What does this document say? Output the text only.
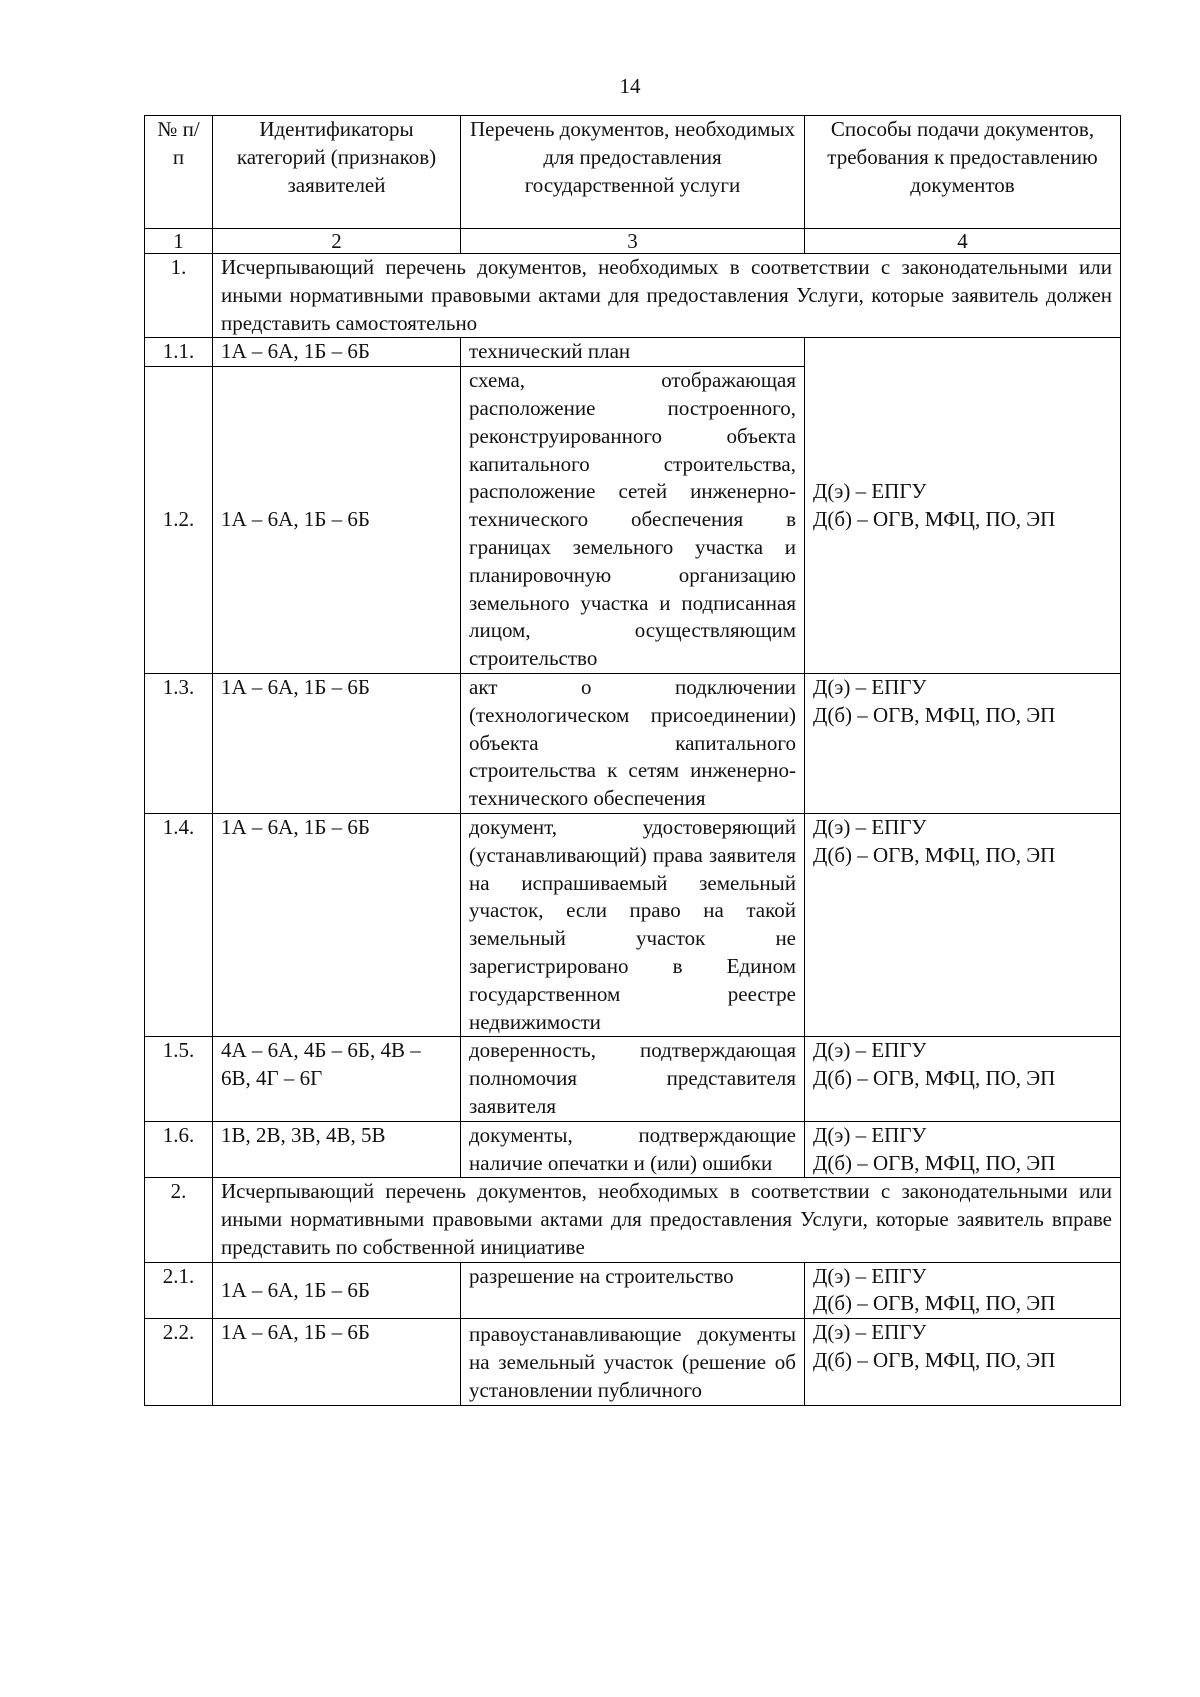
14
№ п/п	Идентификаторы категорий (признаков) заявителей	Перечень документов, необходимых для предоставления государственной услуги	Способы подачи документов, требования к предоставлению документов
1	2	3	4
1.	Исчерпывающий перечень документов, необходимых в соответствии с законодательными или иными нормативными правовыми актами для предоставления Услуги, которые заявитель должен представить самостоятельно		
1.1.	1А – 6А, 1Б – 6Б	технический план	Д(э) – ЕПГУ
Д(б) – ОГВ, МФЦ, ПО, ЭП

1.2.	1А – 6А, 1Б – 6Б	схема, отображающая расположение построенного, реконструированного объекта капитального строительства, расположение сетей инженерно-технического обеспечения в границах земельного участка и планировочную организацию земельного участка и подписанная лицом, осуществляющим строительство	
1.3.	1А – 6А, 1Б – 6Б	акт о подключении (технологическом присоединении) объекта капитального строительства к сетям инженерно-технического обеспечения	Д(э) – ЕПГУ
Д(б) – ОГВ, МФЦ, ПО, ЭП

1.4.	1А – 6А, 1Б – 6Б	документ, удостоверяющий (устанавливающий) права заявителя на испрашиваемый земельный участок, если право на такой земельный участок не зарегистрировано в Едином государственном реестре недвижимости	Д(э) – ЕПГУ
Д(б) – ОГВ, МФЦ, ПО, ЭП

1.5.	4А – 6А, 4Б – 6Б, 4В – 6В, 4Г – 6Г	доверенность, подтверждающая полномочия представителя заявителя	Д(э) – ЕПГУ
Д(б) – ОГВ, МФЦ, ПО, ЭП

1.6.	1В, 2В, 3В, 4В, 5В	документы, подтверждающие наличие опечатки и (или) ошибки	Д(э) – ЕПГУ
Д(б) – ОГВ, МФЦ, ПО, ЭП

2.	Исчерпывающий перечень документов, необходимых в соответствии с законодательными или иными нормативными правовыми актами для предоставления Услуги, которые заявитель вправе представить по собственной инициативе		
2.1.	1А – 6А, 1Б – 6Б	разрешение на строительство	Д(э) – ЕПГУ
Д(б) – ОГВ, МФЦ, ПО, ЭП

2.2.	1А – 6А, 1Б – 6Б	правоустанавливающие документы на земельный участок (решение об установлении публичного	Д(э) – ЕПГУ
Д(б) – ОГВ, МФЦ, ПО, ЭП
